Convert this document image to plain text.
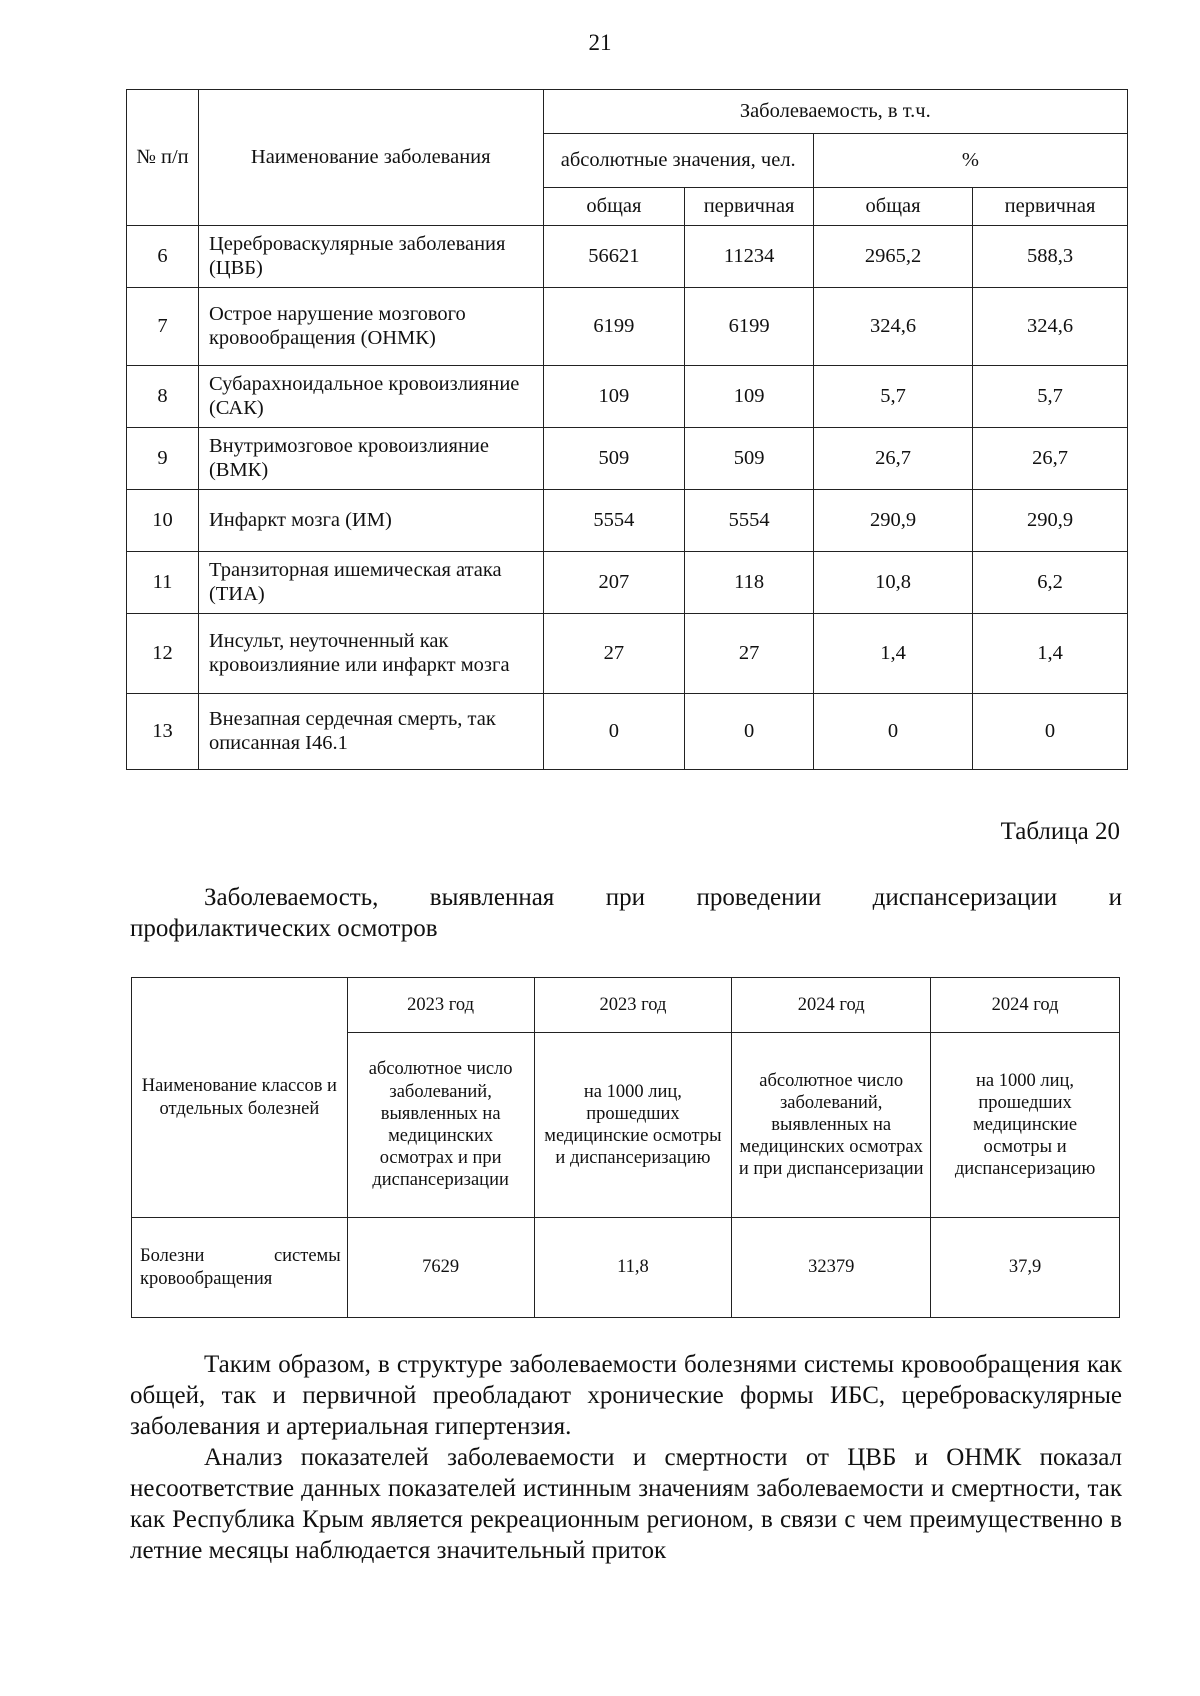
21
№ п/п	Наименование заболевания	Заболеваемость, в т.ч.			
		абсолютные значения, чел.		%	
		общая	первичная	общая	первичная
6	Цереброваскулярные заболевания (ЦВБ)	56621	11234	2965,2	588,3
7	Острое нарушение мозгового кровообращения (ОНМК)	6199	6199	324,6	324,6
8	Субарахноидальное кровоизлияние (САК)	109	109	5,7	5,7
9	Внутримозговое кровоизлияние (ВМК)	509	509	26,7	26,7
10	Инфаркт мозга (ИМ)	5554	5554	290,9	290,9
11	Транзиторная ишемическая атака (ТИА)	207	118	10,8	6,2
12	Инсульт, неуточненный как кровоизлияние или инфаркт мозга	27	27	1,4	1,4
13	Внезапная сердечная смерть, так описанная I46.1	0	0	0	0
Таблица 20
Заболеваемость, выявленная при проведении диспансеризации и
профилактических осмотров
Наименование классов и отдельных болезней	2023 год	2023 год	2024 год	2024 год
	абсолютное число заболеваний, выявленных на медицинских осмотрах и при диспансеризации	на 1000 лиц, прошедших медицинские осмотры и диспансеризацию	абсолютное число заболеваний, выявленных на медицинских осмотрах и при диспансеризации	на 1000 лиц, прошедших медицинские осмотры и диспансеризацию
Болезни системы кровообращения	7629	11,8	32379	37,9

Таким образом, в структуре заболеваемости болезнями системы кровообращения как общей, так и первичной преобладают хронические формы ИБС, цереброваскулярные заболевания и артериальная гипертензия.

Анализ показателей заболеваемости и смертности от ЦВБ и ОНМК показал несоответствие данных показателей истинным значениям заболеваемости и смертности, так как Республика Крым является рекреационным регионом, в связи с чем преимущественно в летние месяцы наблюдается значительный приток
